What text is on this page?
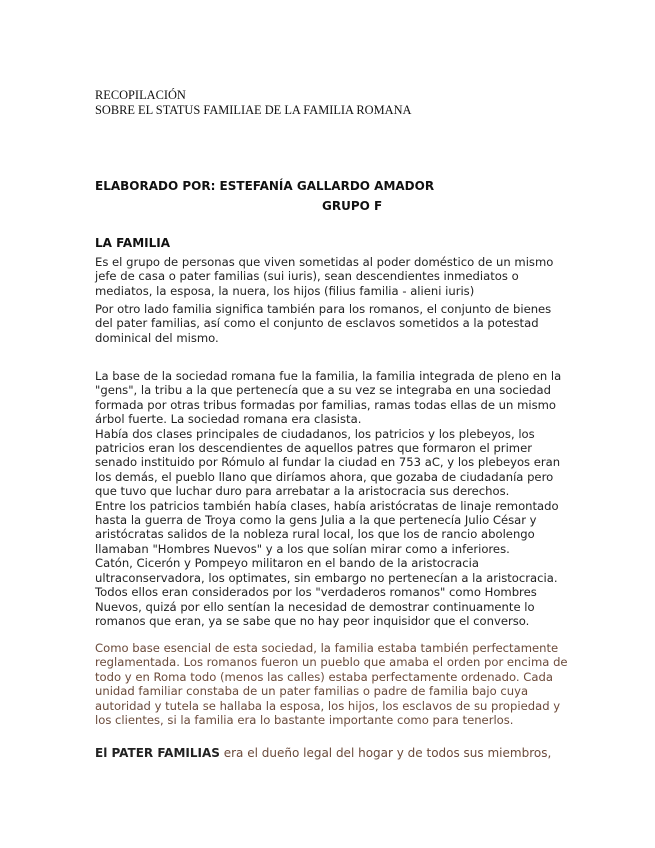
RECOPILACIÓN
SOBRE EL STATUS FAMILIAE DE LA FAMILIA ROMANA
ELABORADO POR: ESTEFANÍA GALLARDO AMADOR
GRUPO F
LA FAMILIA
Es el grupo de personas que viven sometidas al poder doméstico de un mismo
jefe de casa o pater familias (sui iuris), sean descendientes inmediatos o
mediatos, la esposa, la nuera, los hijos (filius familia - alieni iuris)
Por otro lado familia significa también para los romanos, el conjunto de bienes
del pater familias, así como el conjunto de esclavos sometidos a la potestad
dominical del mismo.
La base de la sociedad romana fue la familia, la familia integrada de pleno en la
"gens", la tribu a la que pertenecía que a su vez se integraba en una sociedad
formada por otras tribus formadas por familias, ramas todas ellas de un mismo
árbol fuerte. La sociedad romana era clasista.
Había dos clases principales de ciudadanos, los patricios y los plebeyos, los
patricios eran los descendientes de aquellos patres que formaron el primer
senado instituido por Rómulo al fundar la ciudad en 753 aC, y los plebeyos eran
los demás, el pueblo llano que diríamos ahora, que gozaba de ciudadanía pero
que tuvo que luchar duro para arrebatar a la aristocracia sus derechos.
Entre los patricios también había clases, había aristócratas de linaje remontado
hasta la guerra de Troya como la gens Julia a la que pertenecía Julio César y
aristócratas salidos de la nobleza rural local, los que los de rancio abolengo
llamaban "Hombres Nuevos" y a los que solían mirar como a inferiores.
Catón, Cicerón y Pompeyo militaron en el bando de la aristocracia
ultraconservadora, los optimates, sin embargo no pertenecían a la aristocracia.
Todos ellos eran considerados por los "verdaderos romanos" como Hombres
Nuevos, quizá por ello sentían la necesidad de demostrar continuamente lo
romanos que eran, ya se sabe que no hay peor inquisidor que el converso.
Como base esencial de esta sociedad, la familia estaba también perfectamente
reglamentada. Los romanos fueron un pueblo que amaba el orden por encima de
todo y en Roma todo (menos las calles) estaba perfectamente ordenado. Cada
unidad familiar constaba de un pater familias o padre de familia bajo cuya
autoridad y tutela se hallaba la esposa, los hijos, los esclavos de su propiedad y
los clientes, si la familia era lo bastante importante como para tenerlos.
El PATER FAMILIAS era el dueño legal del hogar y de todos sus miembros,
